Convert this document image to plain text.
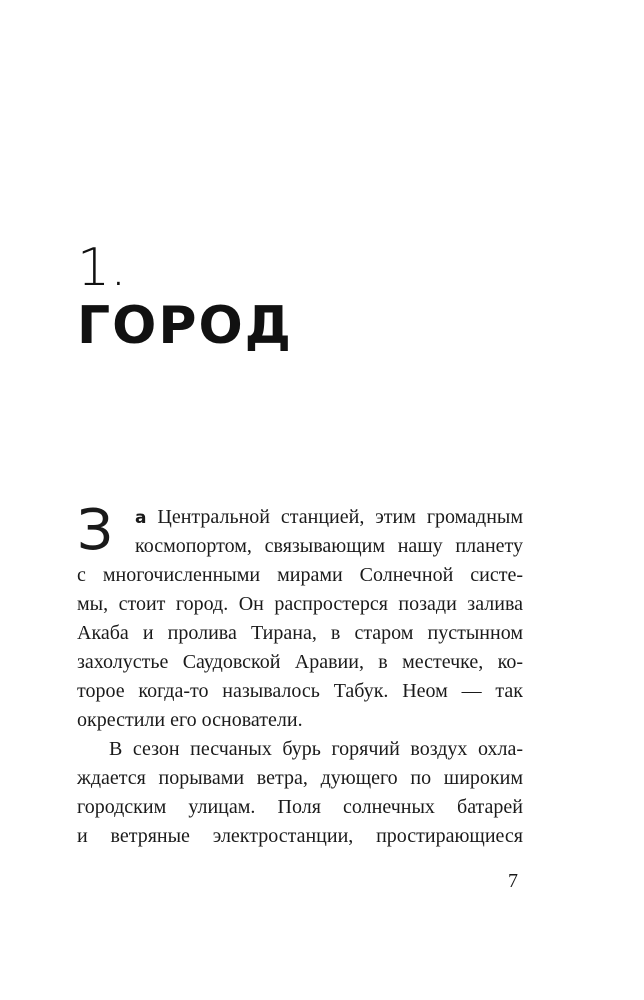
1.
ГОРОД
З	а Центральной станцией, этим громадным
космопортом, связывающим нашу планету
с многочисленными мирами Солнечной систе-
мы, стоит город. Он распростерся позади залива
Акаба и пролива Тирана, в старом пустынном
захолустье Саудовской Аравии, в местечке, ко-
торое когда-то называлось Табук. Неом — так
окрестили его основатели.
В сезон песчаных бурь горячий воздух охла-
ждается порывами ветра, дующего по широким
городским улицам. Поля солнечных батарей
и ветряные электростанции, простирающиеся
7
